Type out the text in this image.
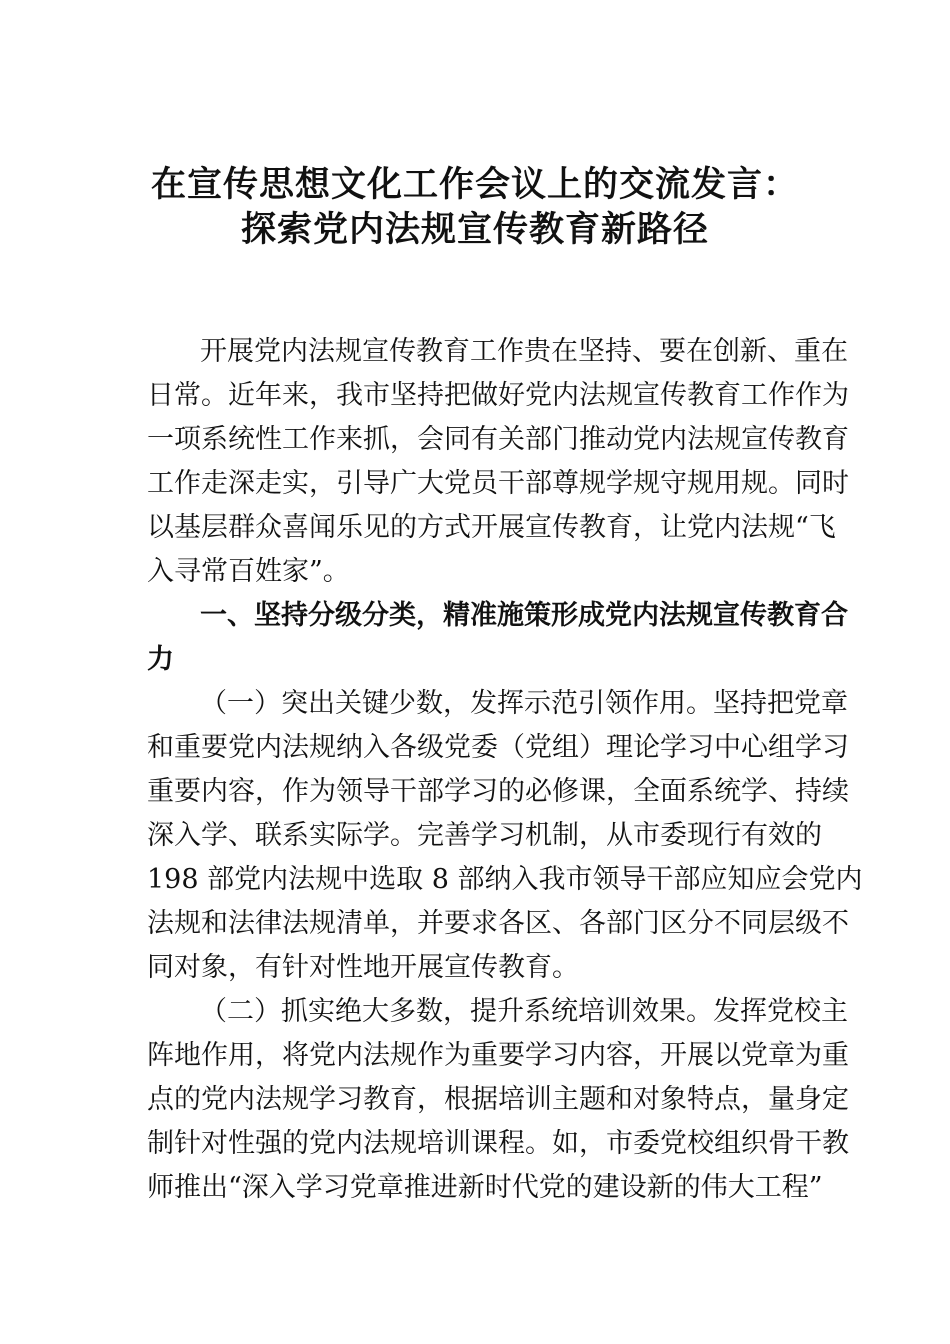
在宣传思想文化工作会议上的交流发言：
探索党内法规宣传教育新路径
开展党内法规宣传教育工作贵在坚持、要在创新、重在
日常。近年来，我市坚持把做好党内法规宣传教育工作作为
一项系统性工作来抓，会同有关部门推动党内法规宣传教育
工作走深走实，引导广大党员干部尊规学规守规用规。同时
以基层群众喜闻乐见的方式开展宣传教育，让党内法规“飞
入寻常百姓家”。
一、坚持分级分类，精准施策形成党内法规宣传教育合
力
（一）突出关键少数，发挥示范引领作用。坚持把党章
和重要党内法规纳入各级党委（党组）理论学习中心组学习
重要内容，作为领导干部学习的必修课，全面系统学、持续
深入学、联系实际学。完善学习机制，从市委现行有效的
198 部党内法规中选取 8 部纳入我市领导干部应知应会党内
法规和法律法规清单，并要求各区、各部门区分不同层级不
同对象，有针对性地开展宣传教育。
（二）抓实绝大多数，提升系统培训效果。发挥党校主
阵地作用，将党内法规作为重要学习内容，开展以党章为重
点的党内法规学习教育，根据培训主题和对象特点，量身定
制针对性强的党内法规培训课程。如，市委党校组织骨干教
师推出“深入学习党章推进新时代党的建设新的伟大工程”
